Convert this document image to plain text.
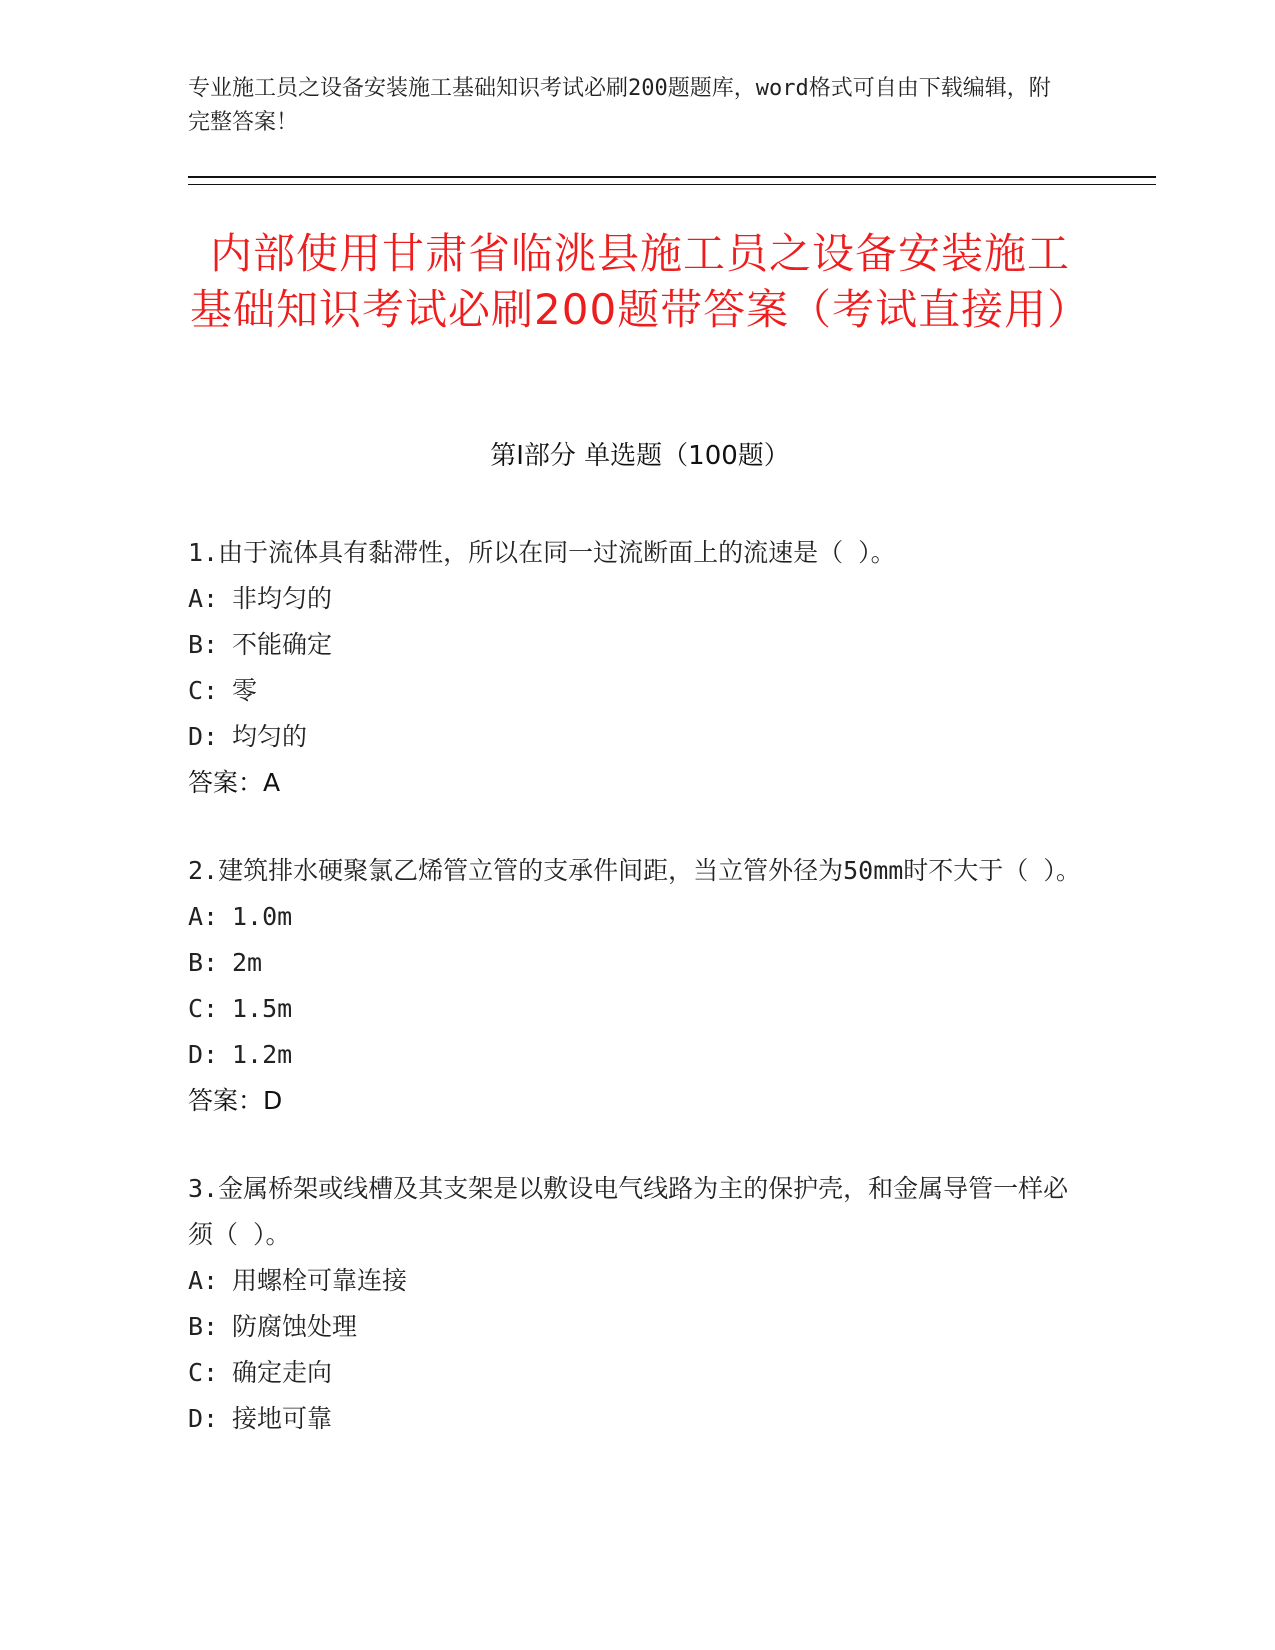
专业施工员之设备安装施工基础知识考试必刷200题题库，word格式可自由下载编辑，附完整答案！
内部使用甘肃省临洮县施工员之设备安装施工基础知识考试必刷200题带答案（考试直接用）
第Ⅰ部分 单选题（100题）
1.由于流体具有黏滞性，所以在同一过流断面上的流速是（ ）。
A: 非均匀的
B: 不能确定
C: 零
D: 均匀的
答案：A
2.建筑排水硬聚氯乙烯管立管的支承件间距，当立管外径为50mm时不大于（ ）。
A: 1.0m
B: 2m
C: 1.5m
D: 1.2m
答案：D
3.金属桥架或线槽及其支架是以敷设电气线路为主的保护壳，和金属导管一样必须（ ）。
A: 用螺栓可靠连接
B: 防腐蚀处理
C: 确定走向
D: 接地可靠
